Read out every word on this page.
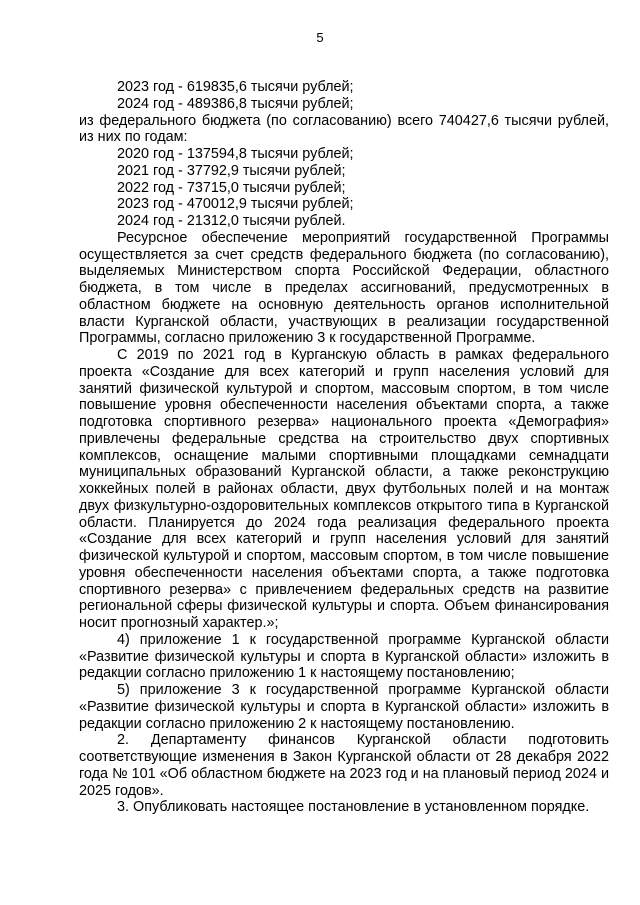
5

2023 год - 619835,6 тысячи рублей;

2024 год - 489386,8 тысячи рублей;

из федерального бюджета (по согласованию) всего 740427,6 тысячи рублей, из них по годам:

2020 год - 137594,8 тысячи рублей;

2021 год - 37792,9 тысячи рублей;

2022 год - 73715,0 тысячи рублей;

2023 год - 470012,9 тысячи рублей;

2024 год - 21312,0 тысячи рублей.

Ресурсное обеспечение мероприятий государственной Программы осуществляется за счет средств федерального бюджета (по согласованию), выделяемых Министерством спорта Российской Федерации, областного бюджета, в том числе в пределах ассигнований, предусмотренных в областном бюджете на основную деятельность органов исполнительной власти Курганской области, участвующих в реализации государственной Программы, согласно приложению 3 к государственной Программе.

С 2019 по 2021 год в Курганскую область в рамках федерального проекта «Создание для всех категорий и групп населения условий для занятий физической культурой и спортом, массовым спортом, в том числе повышение уровня обеспеченности населения объектами спорта, а также подготовка спортивного резерва» национального проекта «Демография» привлечены федеральные средства на строительство двух спортивных комплексов, оснащение малыми спортивными площадками семнадцати муниципальных образований Курганской области, а также реконструкцию хоккейных полей в районах области, двух футбольных полей и на монтаж двух физкультурно-оздоровительных комплексов открытого типа в Курганской области. Планируется до 2024 года реализация федерального проекта «Создание для всех категорий и групп населения условий для занятий физической культурой и спортом, массовым спортом, в том числе повышение уровня обеспеченности населения объектами спорта, а также подготовка спортивного резерва» с привлечением федеральных средств на развитие региональной сферы физической культуры и спорта. Объем финансирования носит прогнозный характер.»;

4) приложение 1 к государственной программе Курганской области «Развитие физической культуры и спорта в Курганской области» изложить в редакции согласно приложению 1 к настоящему постановлению;

5) приложение 3 к государственной программе Курганской области «Развитие физической культуры и спорта в Курганской области» изложить в редакции согласно приложению 2 к настоящему постановлению.

2. Департаменту финансов Курганской области подготовить соответствующие изменения в Закон Курганской области от 28 декабря 2022 года № 101 «Об областном бюджете на 2023 год и на плановый период 2024 и 2025 годов».

3. Опубликовать настоящее постановление в установленном порядке.
